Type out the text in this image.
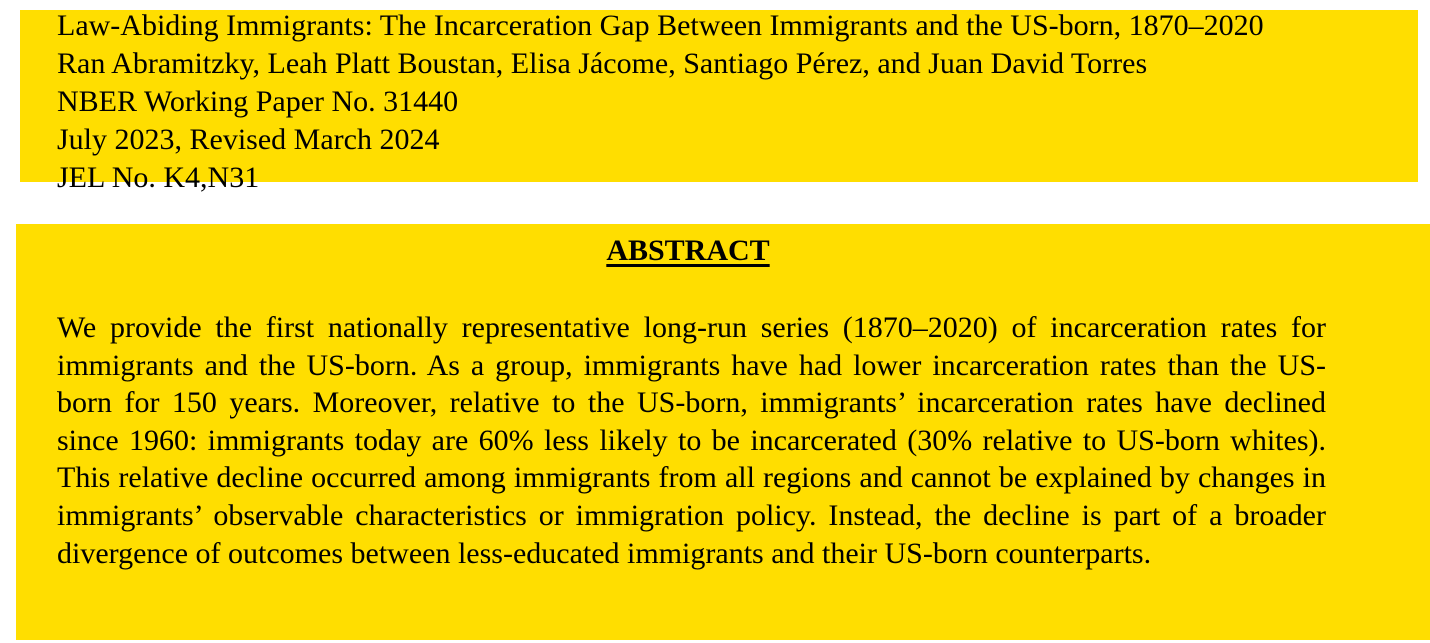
Law-Abiding Immigrants: The Incarceration Gap Between Immigrants and the US-born, 1870–2020
Ran Abramitzky, Leah Platt Boustan, Elisa Jácome, Santiago Pérez, and Juan David Torres
NBER Working Paper No. 31440
July 2023, Revised March 2024
JEL No. K4,N31
ABSTRACT

We provide the first nationally representative long-run series (1870–2020) of incarceration rates for immigrants and the US-born. As a group, immigrants have had lower incarceration rates than the US-born for 150 years. Moreover, relative to the US-born, immigrants’ incarceration rates have declined since 1960: immigrants today are 60% less likely to be incarcerated (30% relative to US-born whites). This relative decline occurred among immigrants from all regions and cannot be explained by changes in immigrants’ observable characteristics or immigration policy. Instead, the decline is part of a broader divergence of outcomes between less-educated immigrants and their US-born counterparts.
